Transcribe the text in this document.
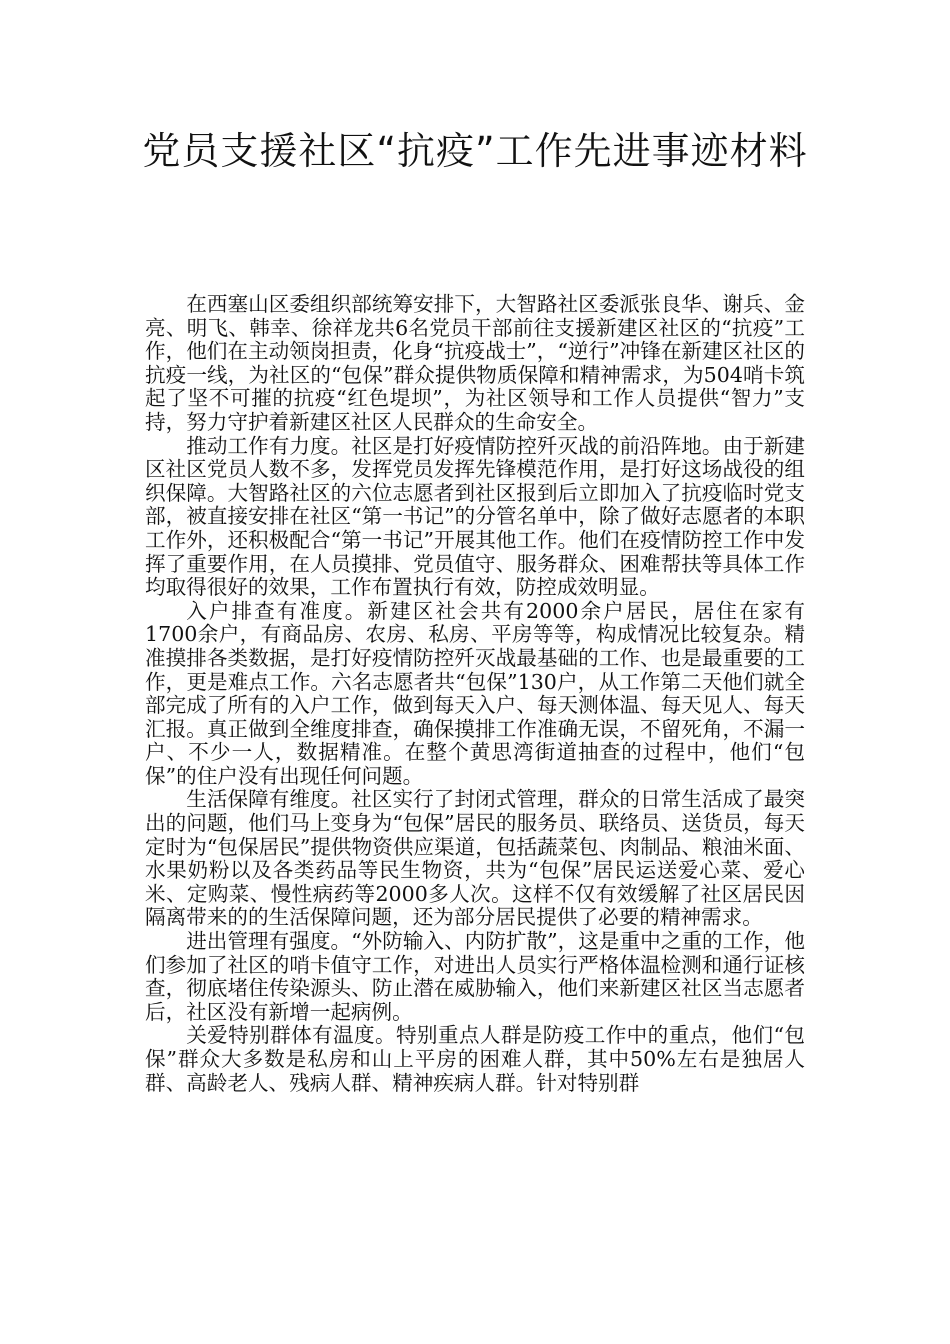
党员支援社区“抗疫”工作先进事迹材料

在西塞山区委组织部统筹安排下，大智路社区委派张良华、谢兵、金亮、明飞、韩幸、徐祥龙共6名党员干部前往支援新建区社区的“抗疫”工作，他们在主动领岗担责，化身“抗疫战士”，“逆行”冲锋在新建区社区的抗疫一线，为社区的“包保”群众提供物质保障和精神需求，为504哨卡筑起了坚不可摧的抗疫“红色堤坝”，为社区领导和工作人员提供“智力”支持，努力守护着新建区社区人民群众的生命安全。

推动工作有力度。社区是打好疫情防控歼灭战的前沿阵地。由于新建区社区党员人数不多，发挥党员发挥先锋模范作用，是打好这场战役的组织保障。大智路社区的六位志愿者到社区报到后立即加入了抗疫临时党支部，被直接安排在社区“第一书记”的分管名单中，除了做好志愿者的本职工作外，还积极配合“第一书记”开展其他工作。他们在疫情防控工作中发挥了重要作用，在人员摸排、党员值守、服务群众、困难帮扶等具体工作均取得很好的效果，工作布置执行有效，防控成效明显。

入户排查有准度。新建区社会共有2000余户居民，居住在家有1700余户，有商品房、农房、私房、平房等等，构成情况比较复杂。精准摸排各类数据，是打好疫情防控歼灭战最基础的工作、也是最重要的工作，更是难点工作。六名志愿者共“包保”130户，从工作第二天他们就全部完成了所有的入户工作，做到每天入户、每天测体温、每天见人、每天汇报。真正做到全维度排查，确保摸排工作准确无误，不留死角，不漏一户、不少一人，数据精准。在整个黄思湾街道抽查的过程中，他们“包保”的住户没有出现任何问题。

生活保障有维度。社区实行了封闭式管理，群众的日常生活成了最突出的问题，他们马上变身为“包保”居民的服务员、联络员、送货员，每天定时为“包保居民”提供物资供应渠道，包括蔬菜包、肉制品、粮油米面、水果奶粉以及各类药品等民生物资，共为“包保”居民运送爱心菜、爱心米、定购菜、慢性病药等2000多人次。这样不仅有效缓解了社区居民因隔离带来的的生活保障问题，还为部分居民提供了必要的精神需求。

进出管理有强度。“外防输入、内防扩散”，这是重中之重的工作，他们参加了社区的哨卡值守工作，对进出人员实行严格体温检测和通行证核查，彻底堵住传染源头、防止潜在威胁输入，他们来新建区社区当志愿者后，社区没有新增一起病例。

关爱特别群体有温度。特别重点人群是防疫工作中的重点，他们“包保”群众大多数是私房和山上平房的困难人群，其中50%左右是独居人群、高龄老人、残病人群、精神疾病人群。针对特别群
